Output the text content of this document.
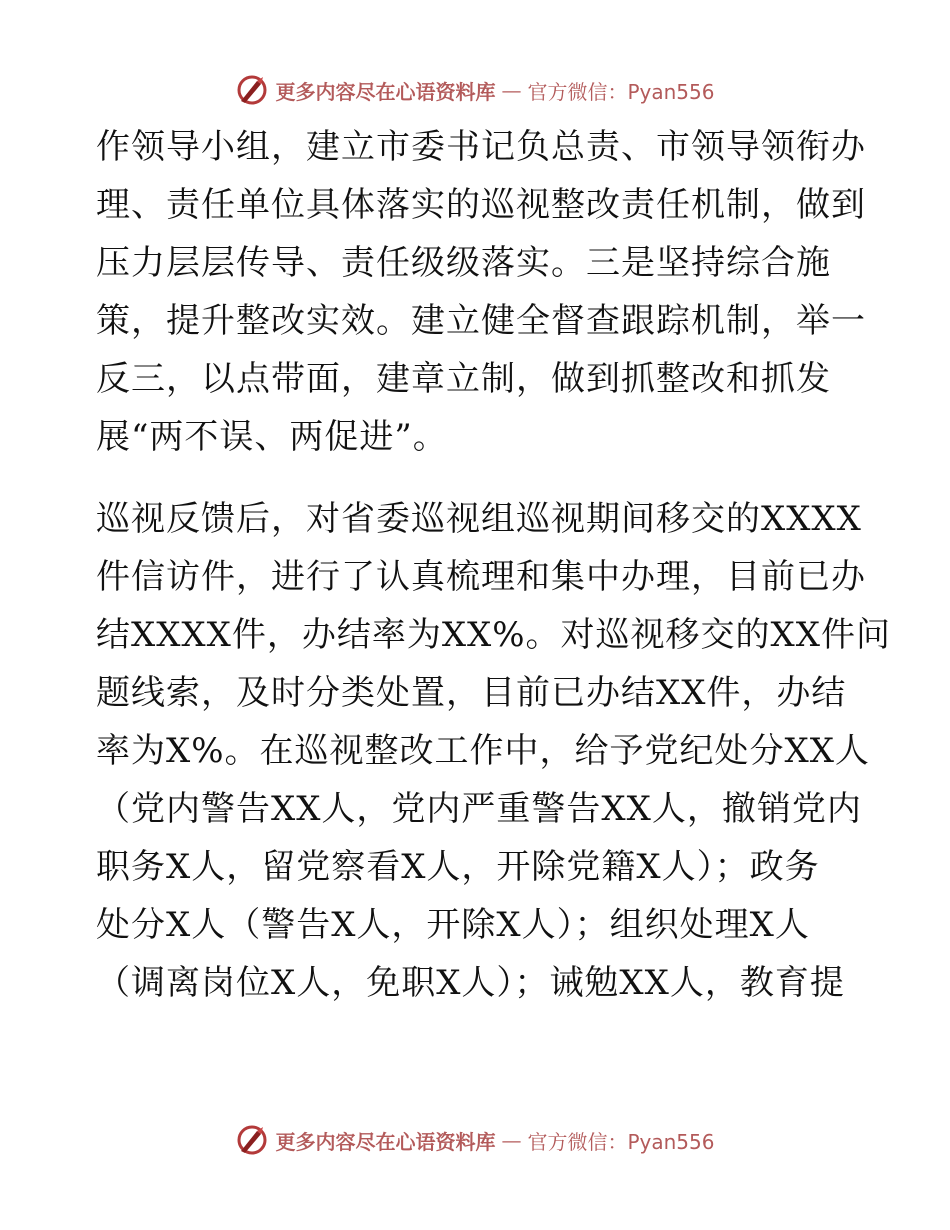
更多内容尽在心语资料库 — 官方微信：Pyan556
作领导小组，建立市委书记负总责、市领导领衔办
理、责任单位具体落实的巡视整改责任机制，做到
压力层层传导、责任级级落实。三是坚持综合施
策，提升整改实效。建立健全督查跟踪机制，举一
反三，以点带面，建章立制，做到抓整改和抓发
展“两不误、两促进”。
巡视反馈后，对省委巡视组巡视期间移交的XXXX
件信访件，进行了认真梳理和集中办理，目前已办
结XXXX件，办结率为XX%。对巡视移交的XX件问
题线索，及时分类处置，目前已办结XX件，办结
率为X%。在巡视整改工作中，给予党纪处分XX人
（党内警告XX人，党内严重警告XX人，撤销党内
职务X人，留党察看X人，开除党籍X人）；政务
处分X人（警告X人，开除X人）；组织处理X人
（调离岗位X人，免职X人）；诫勉XX人，教育提
更多内容尽在心语资料库 — 官方微信：Pyan556
